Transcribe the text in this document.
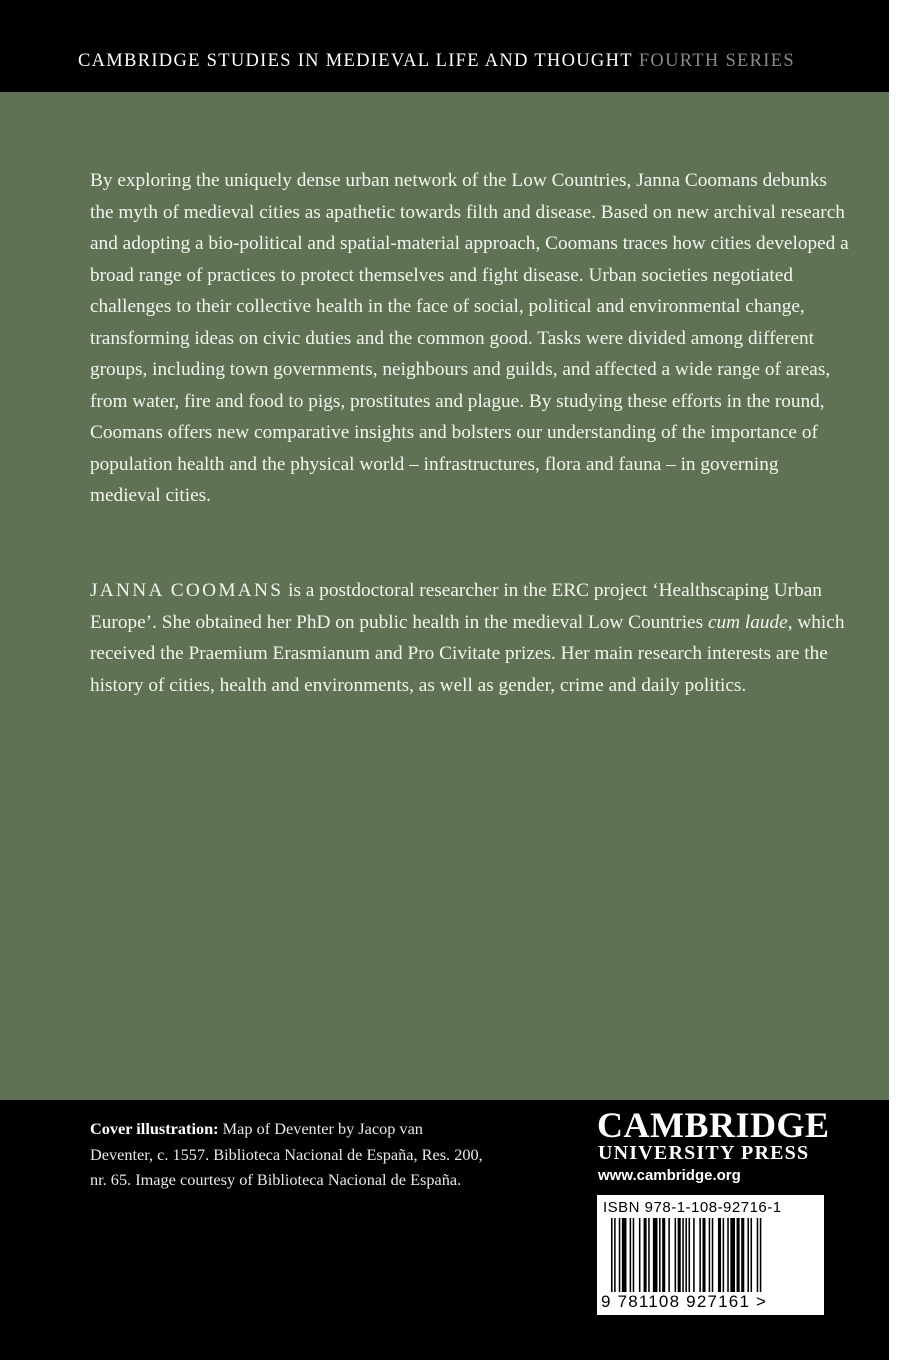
CAMBRIDGE STUDIES IN MEDIEVAL LIFE AND THOUGHT FOURTH SERIES

By exploring the uniquely dense urban network of the Low Countries, Janna Coomans debunks the myth of medieval cities as apathetic towards filth and disease. Based on new archival research and adopting a bio-political and spatial-material approach, Coomans traces how cities developed a broad range of practices to protect themselves and fight disease. Urban societies negotiated challenges to their collective health in the face of social, political and environmental change, transforming ideas on civic duties and the common good. Tasks were divided among different groups, including town governments, neighbours and guilds, and affected a wide range of areas, from water, fire and food to pigs, prostitutes and plague. By studying these efforts in the round, Coomans offers new comparative insights and bolsters our understanding of the importance of population health and the physical world – infrastructures, flora and fauna – in governing medieval cities.

JANNA COOMANS is a postdoctoral researcher in the ERC project ‘Healthscaping Urban Europe’. She obtained her PhD on public health in the medieval Low Countries cum laude, which received the Praemium Erasmianum and Pro Civitate prizes. Her main research interests are the history of cities, health and environments, as well as gender, crime and daily politics.

Cover illustration: Map of Deventer by Jacop van Deventer, c. 1557. Biblioteca Nacional de España, Res. 200, nr. 65. Image courtesy of Biblioteca Nacional de España.
CAMBRIDGE
UNIVERSITY PRESS
www.cambridge.org
ISBN 978-1-108-92716-1
9 781108 927161 >
